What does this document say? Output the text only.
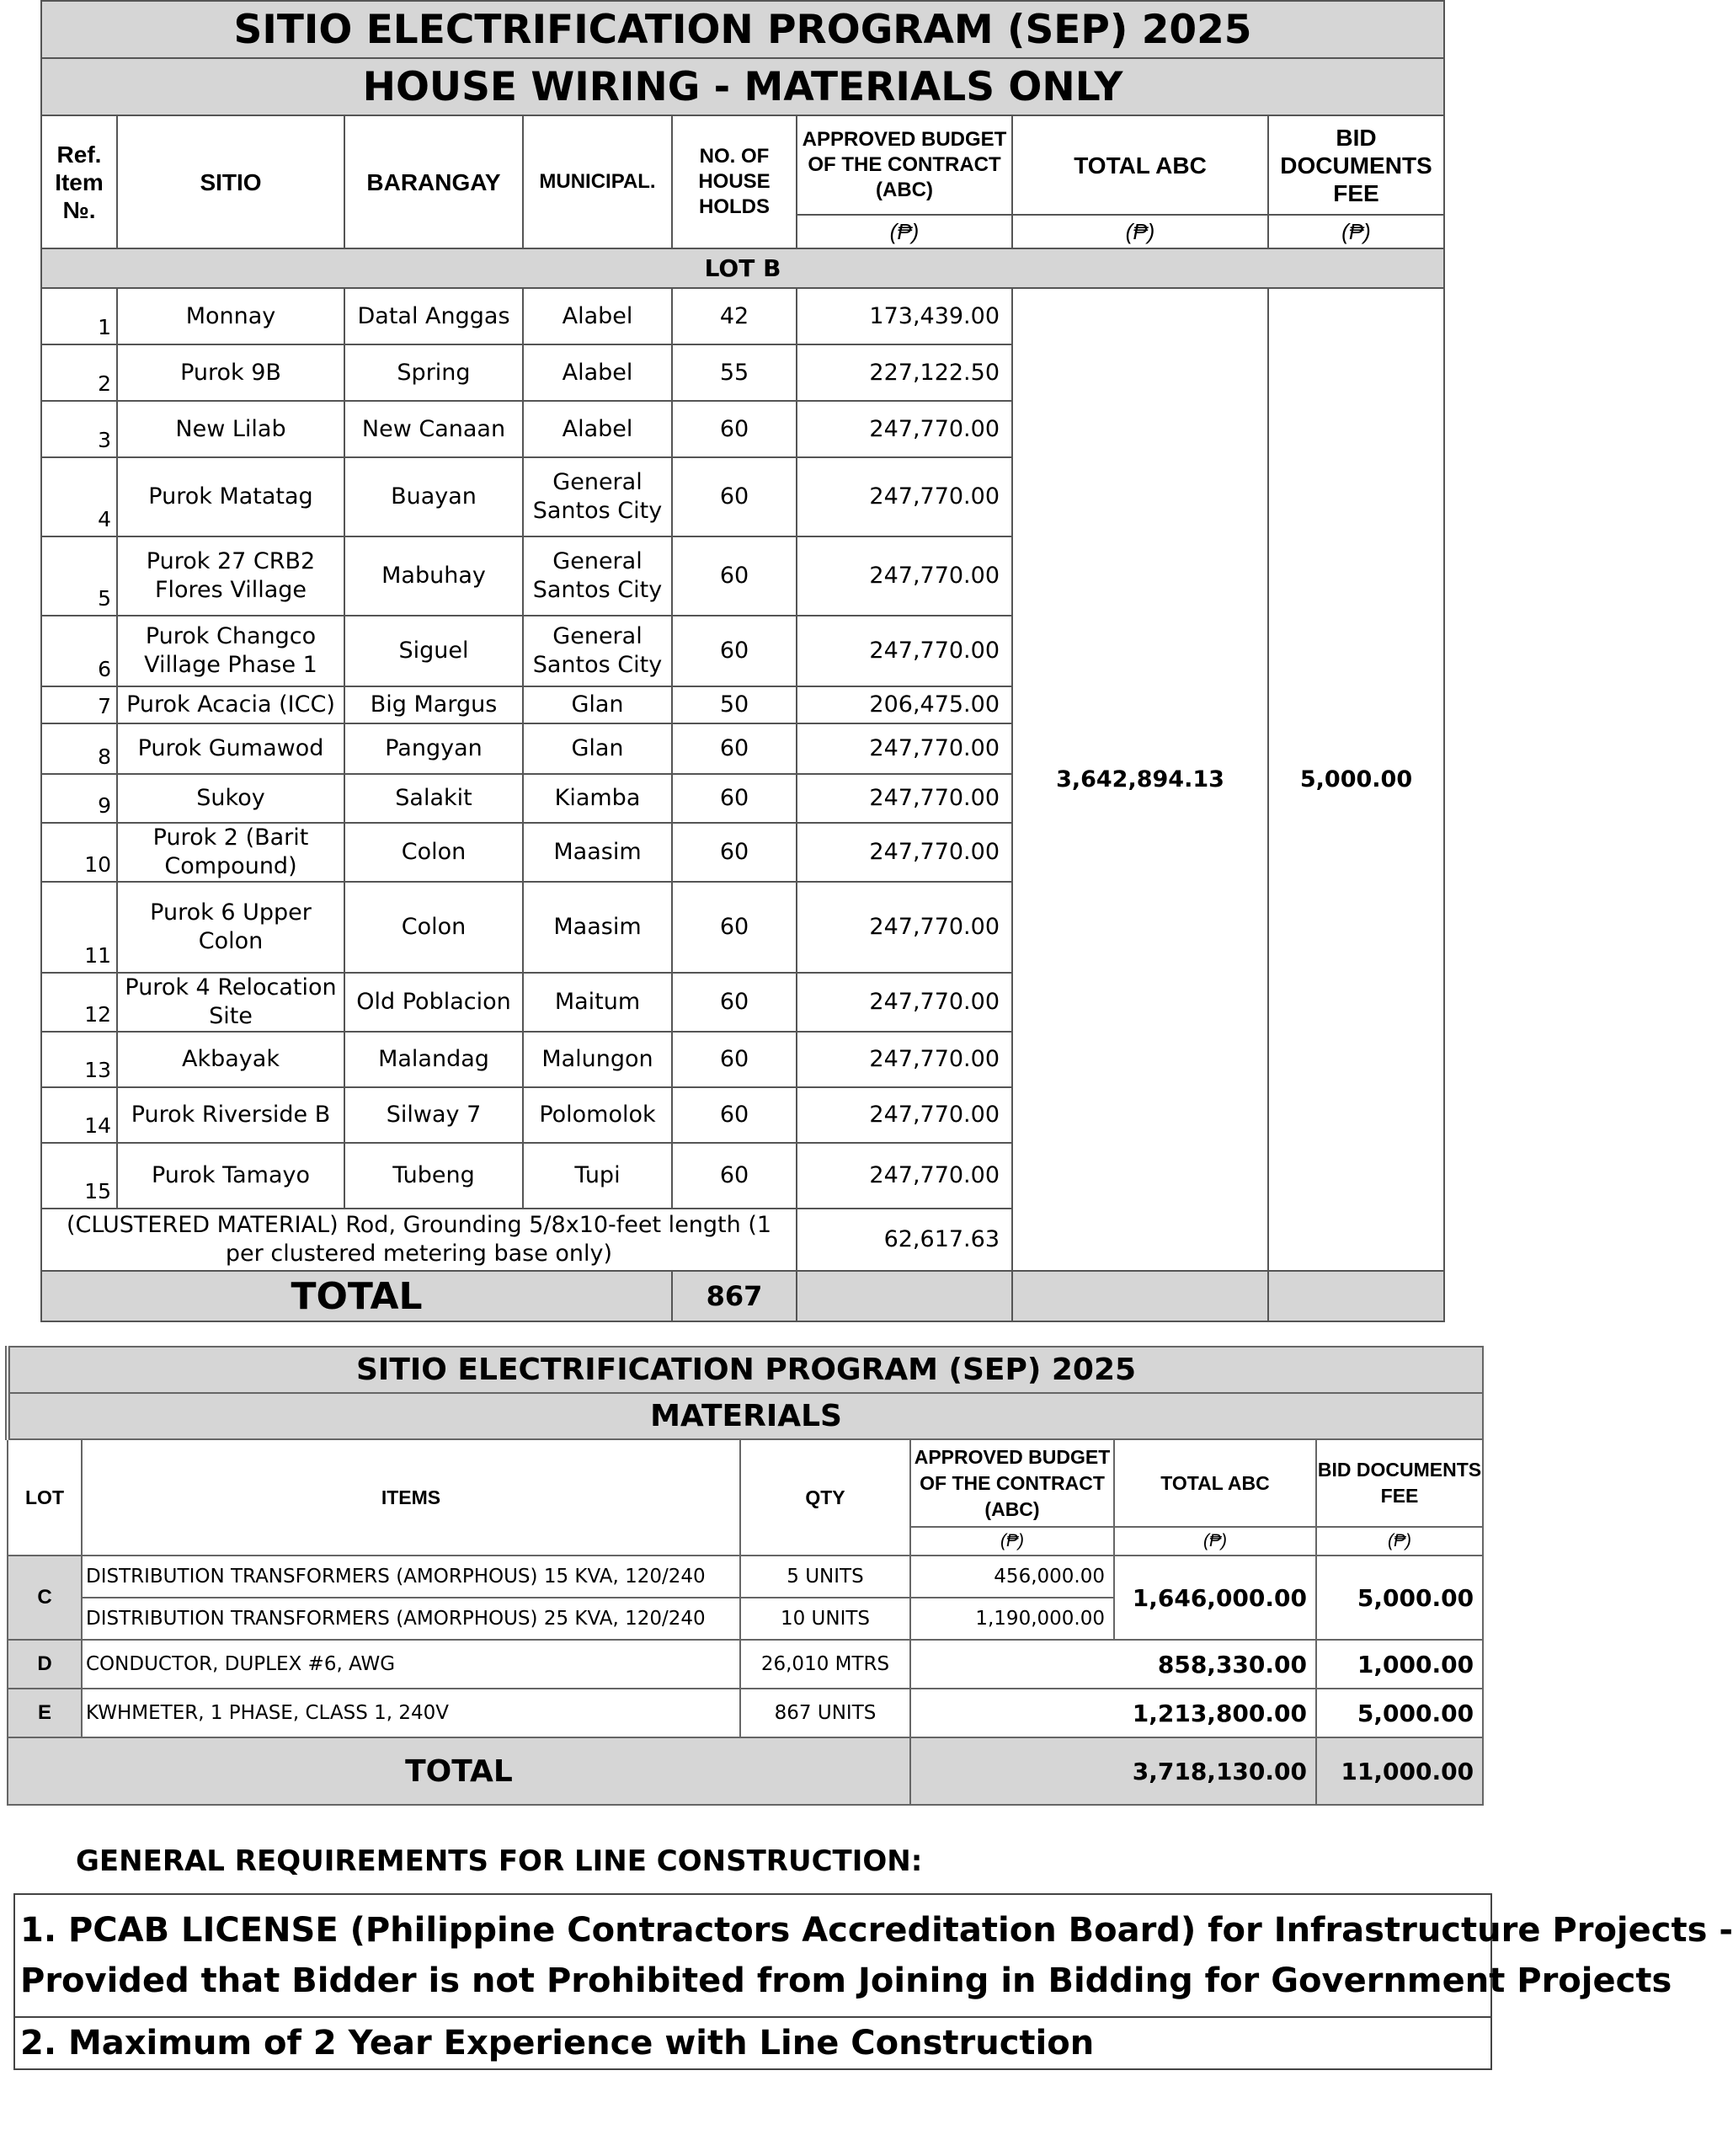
SITIO ELECTRIFICATION PROGRAM (SEP) 2025							
HOUSE WIRING - MATERIALS ONLY							
Ref. Item №.	SITIO	BARANGAY	MUNICIPAL.	NO. OF HOUSE HOLDS	APPROVED BUDGET OF THE CONTRACT (ABC)	TOTAL ABC	BID DOCUMENTS FEE
					(₱)	(₱)	(₱)
LOT B							

1	Monnay	Datal Anggas	Alabel	42	173,439.00	3,642,894.13	5,000.00

2	Purok 9B	Spring	Alabel	55	227,122.50		

3	New Lilab	New Canaan	Alabel	60	247,770.00		

4	Purok Matatag	Buayan	General Santos City	60	247,770.00		

5	Purok 27 CRB2 Flores Village	Mabuhay	General Santos City	60	247,770.00		

6	Purok Changco Village Phase 1	Siguel	General Santos City	60	247,770.00		

7	Purok Acacia (ICC)	Big Margus	Glan	50	206,475.00		

8	Purok Gumawod	Pangyan	Glan	60	247,770.00		

9	Sukoy	Salakit	Kiamba	60	247,770.00		

10	Purok 2 (Barit Compound)	Colon	Maasim	60	247,770.00		

11	Purok 6 Upper Colon	Colon	Maasim	60	247,770.00		

12	Purok 4 Relocation Site	Old Poblacion	Maitum	60	247,770.00		

13	Akbayak	Malandag	Malungon	60	247,770.00		

14	Purok Riverside B	Silway 7	Polomolok	60	247,770.00		

15	Purok Tamayo	Tubeng	Tupi	60	247,770.00		
(CLUSTERED MATERIAL) Rod, Grounding 5/8x10-feet length (1 per clustered metering base only)					62,617.63		
TOTAL				867			
SITIO ELECTRIFICATION PROGRAM (SEP) 2025					
MATERIALS					
LOT	ITEMS	QTY	APPROVED BUDGET OF THE CONTRACT (ABC)	TOTAL ABC	BID DOCUMENTS FEE
			(₱)	(₱)	(₱)
C	DISTRIBUTION TRANSFORMERS (AMORPHOUS) 15 KVA, 120/240	5 UNITS	456,000.00	1,646,000.00	5,000.00
	DISTRIBUTION TRANSFORMERS (AMORPHOUS) 25 KVA, 120/240	10 UNITS	1,190,000.00		
D	CONDUCTOR, DUPLEX #6, AWG	26,010 MTRS	858,330.00		1,000.00
E	KWHMETER, 1 PHASE, CLASS 1, 240V	867 UNITS	1,213,800.00		5,000.00
TOTAL			3,718,130.00		11,000.00
GENERAL REQUIREMENTS FOR LINE CONSTRUCTION:
1. PCAB LICENSE (Philippine Contractors Accreditation Board) for Infrastructure Projects -
Provided that Bidder is not Prohibited from Joining in Bidding for Government Projects
2. Maximum of 2 Year Experience with Line Construction
